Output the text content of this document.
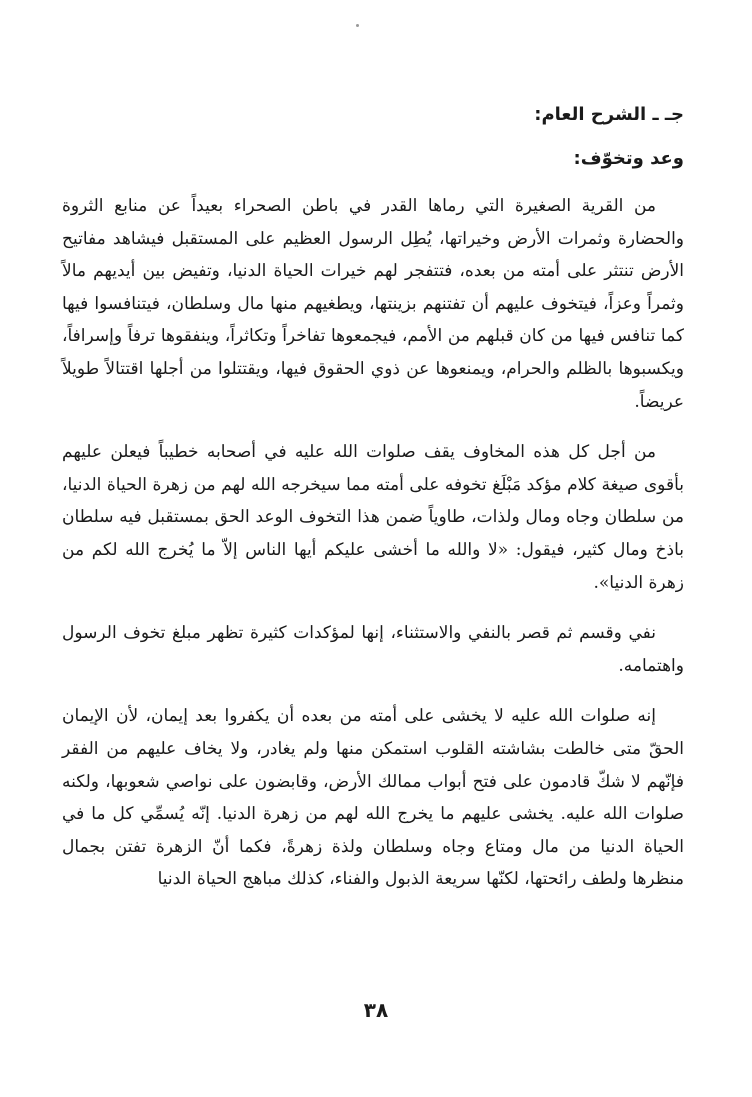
جـ ـ الشرح العام:
وعد وتخوّف:

من القرية الصغيرة التي رماها القدر في باطن الصحراء بعيداً عن منابع الثروة والحضارة وثمرات الأرض وخيراتها، يُطِل الرسول العظيم على المستقبل فيشاهد مفاتيح الأرض تنتثر على أمته من بعده، فتتفجر لهم خيرات الحياة الدنيا، وتفيض بين أيديهم مالاً وثمراً وعزاً، فيتخوف عليهم أن تفتنهم بزينتها، ويطغيهم منها مال وسلطان، فيتنافسوا فيها كما تنافس فيها من كان قبلهم من الأمم، فيجمعوها تفاخراً وتكاثراً، وينفقوها ترفاً وإسرافاً، ويكسبوها بالظلم والحرام، ويمنعوها عن ذوي الحقوق فيها، ويقتتلوا من أجلها اقتتالاً طويلاً عريضاً.

من أجل كل هذه المخاوف يقف صلوات الله عليه في أصحابه خطيباً فيعلن عليهم بأقوى صيغة كلام مؤكد مَبْلَغ تخوفه على أمته مما سيخرجه الله لهم من زهرة الحياة الدنيا، من سلطان وجاه ومال ولذات، طاوياً ضمن هذا التخوف الوعد الحق بمستقبل فيه سلطان باذخ ومال كثير، فيقول: «لا والله ما أخشى عليكم أيها الناس إلاّ ما يُخرج الله لكم من زهرة الدنيا».

نفي وقسم ثم قصر بالنفي والاستثناء، إنها لمؤكدات كثيرة تظهر مبلغ تخوف الرسول واهتمامه.

إنه صلوات الله عليه لا يخشى على أمته من بعده أن يكفروا بعد إيمان، لأن الإيمان الحقّ متى خالطت بشاشته القلوب استمكن منها ولم يغادر، ولا يخاف عليهم من الفقر فإنّهم لا شكّ قادمون على فتح أبواب ممالك الأرض، وقابضون على نواصي شعوبها، ولكنه صلوات الله عليه. يخشى عليهم ما يخرج الله لهم من زهرة الدنيا. إنّه يُسمِّي كل ما في الحياة الدنيا من مال ومتاع وجاه وسلطان ولذة زهرةً، فكما أنّ الزهرة تفتن بجمال منظرها ولطف رائحتها، لكنّها سريعة الذبول والفناء، كذلك مباهج الحياة الدنيا

٣٨
